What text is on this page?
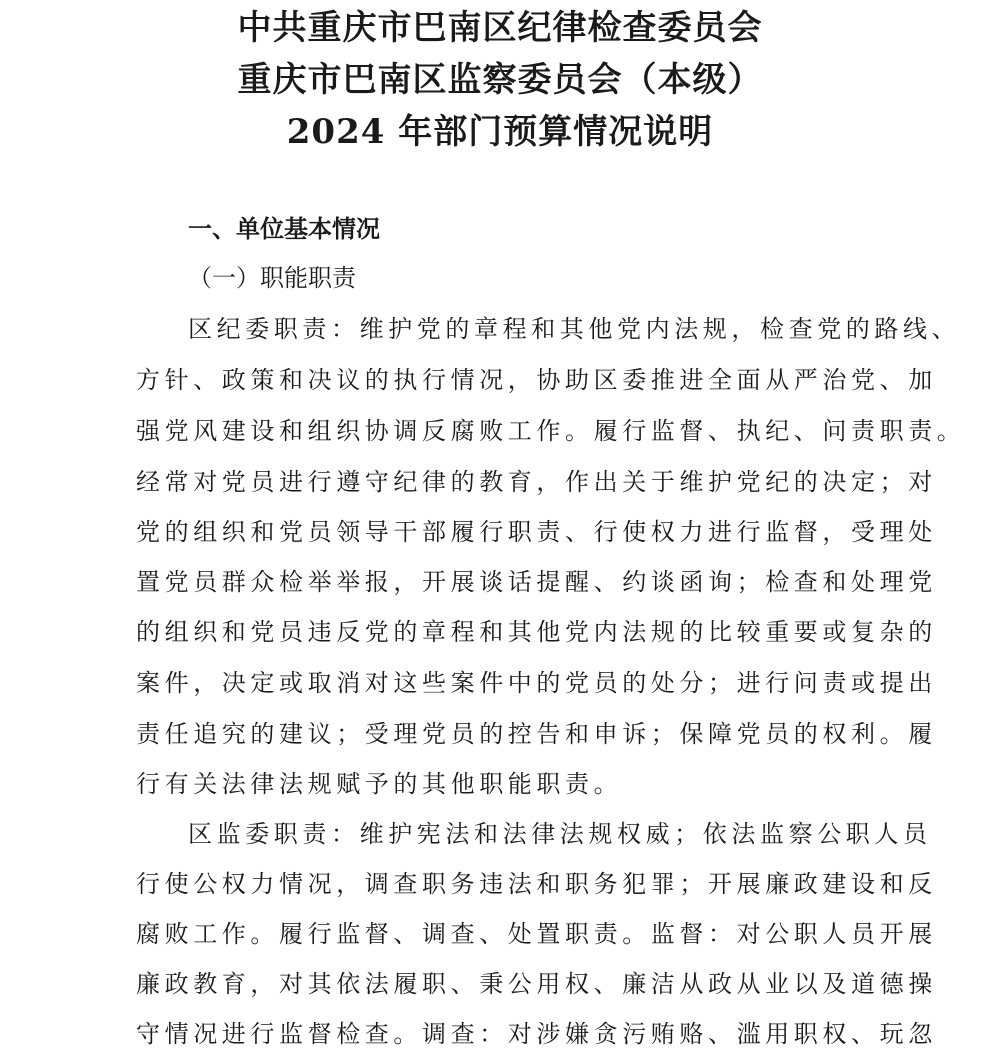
中共重庆市巴南区纪律检查委员会
重庆市巴南区监察委员会（本级）
2024 年部门预算情况说明
一、单位基本情况
（一）职能职责
区纪委职责：维护党的章程和其他党内法规，检查党的路线、
方针、政策和决议的执行情况，协助区委推进全面从严治党、加
强党风建设和组织协调反腐败工作。履行监督、执纪、问责职责。
经常对党员进行遵守纪律的教育，作出关于维护党纪的决定；对
党的组织和党员领导干部履行职责、行使权力进行监督，受理处
置党员群众检举举报，开展谈话提醒、约谈函询；检查和处理党
的组织和党员违反党的章程和其他党内法规的比较重要或复杂的
案件，决定或取消对这些案件中的党员的处分；进行问责或提出
责任追究的建议；受理党员的控告和申诉；保障党员的权利。履
行有关法律法规赋予的其他职能职责。
区监委职责：维护宪法和法律法规权威；依法监察公职人员
行使公权力情况，调查职务违法和职务犯罪；开展廉政建设和反
腐败工作。履行监督、调查、处置职责。监督：对公职人员开展
廉政教育，对其依法履职、秉公用权、廉洁从政从业以及道德操
守情况进行监督检查。调查：对涉嫌贪污贿赂、滥用职权、玩忽
